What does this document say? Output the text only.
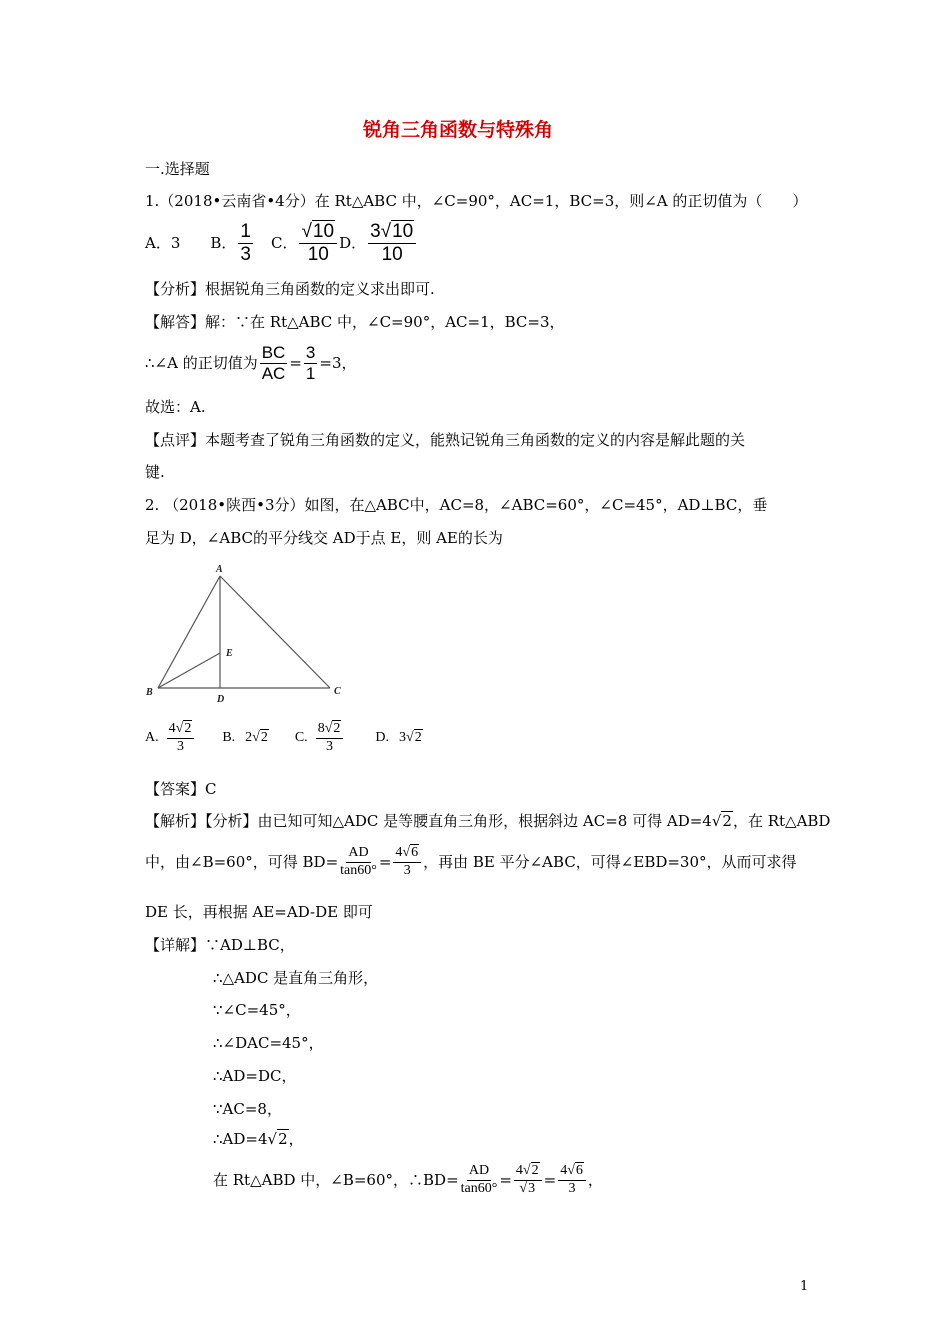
锐角三角函数与特殊角
一.选择题
1.（2018•云南省•4分）在 Rt△ABC 中，∠C=90°，AC=1，BC=3，则∠A 的正切值为（　　）
A．3 B． $\frac{1}{3}$ C． $\frac{√10}{10}$ D． $\frac{3√10}{10}$
【分析】根据锐角三角函数的定义求出即可.
【解答】解：∵在 Rt△ABC 中，∠C=90°，AC=1，BC=3，
∴∠A 的正切值为 $\frac{BC}{AC} = \frac{3}{1} =3$，
故选：A.
【点评】本题考查了锐角三角函数的定义，能熟记锐角三角函数的定义的内容是解此题的关
键.
2. （2018•陕西•3分）如图，在△ABC中，AC=8，∠ABC=60°，∠C=45°，AD⊥BC，垂
足为 D，∠ABC的平分线交 AD于点 E，则 AE的长为
A
B	C
D
E
A. $\frac{4√2}{3} B$. 2√2 C. $\frac{8√2}{3} D$. 3√2
【答案】C
【解析】【分析】由已知可知△ADC 是等腰直角三角形，根据斜边 AC=8 可得 AD=4√2，在 Rt△ABD
中，由∠B=60°，可得 $BD= \frac{AD}{\tan 60^\circ} = \frac{4√6}{3}$ ，再由 BE 平分∠ABC，可得∠EBD=30°，从而可求得
DE 长，再根据 AE=AD-DE 即可
【详解】∵AD⊥BC，
∴△ADC 是直角三角形，
∵∠C=45°，
∴∠DAC=45°，
∴AD=DC，
∵AC=8，
∴AD=4√2，
在 Rt△ABD 中，∠B=60°，∴BD= $\frac{AD}{\tan 60^\circ} = \frac{4√2}{√3} = \frac{4√6}{3}$ ，
1
